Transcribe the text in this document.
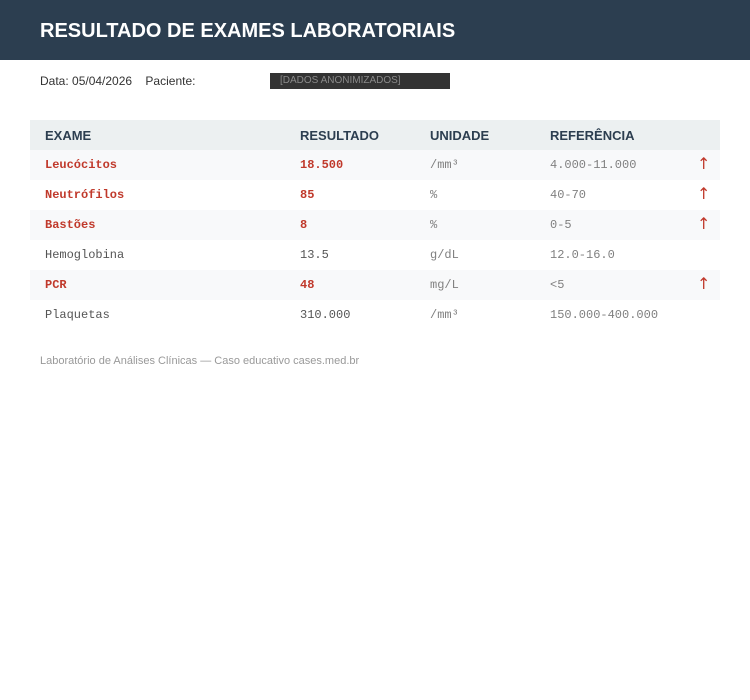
RESULTADO DE EXAMES LABORATORIAIS
Data: 05/04/2026 Paciente:	[DADOS ANONIMIZADOS]
EXAME	RESULTADO	UNIDADE	REFERÊNCIA
Leucócitos	18.500	/mm³	4.000-11.000	↑
Neutrófilos	85	%	40-70	↑
Bastões	8	%	0-5	↑
Hemoglobina	13.5	g/dL	12.0-16.0
PCR	48	mg/L	<5	↑
Plaquetas	310.000	/mm³	150.000-400.000
Laboratório de Análises Clínicas — Caso educativo cases.med.br
